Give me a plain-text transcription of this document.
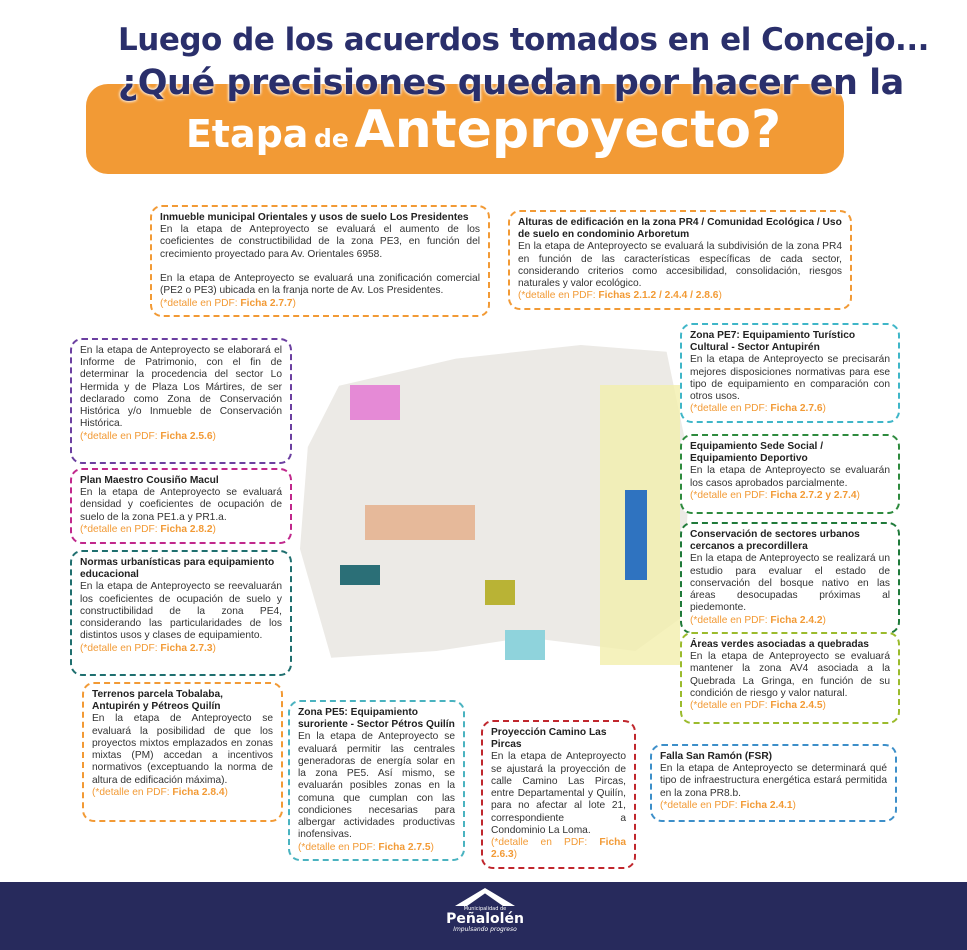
Luego de los acuerdos tomados en el Concejo...
¿Qué precisiones quedan por hacer en la
Etapa de Anteproyecto?
Inmueble municipal Orientales y usos de suelo Los Presidentes
En la etapa de Anteproyecto se evaluará el aumento de los coeficientes de constructibilidad de la zona PE3, en función del crecimiento proyectado para Av. Orientales 6958.

En la etapa de Anteproyecto se evaluará una zonificación comercial (PE2 o PE3) ubicada en la franja norte de Av. Los Presidentes.
(*detalle en PDF: Ficha 2.7.7)
Alturas de edificación en la zona PR4 / Comunidad Ecológica / Uso de suelo en condominio Arboretum
En la etapa de Anteproyecto se evaluará la subdivisión de la zona PR4 en función de las características específicas de cada sector, considerando criterios como accesibilidad, consolidación, riesgos naturales y valor ecológico.
(*detalle en PDF: Fichas 2.1.2 / 2.4.4 / 2.8.6)
En la etapa de Anteproyecto se elaborará el Informe de Patrimonio, con el fin de determinar la procedencia del sector Lo Hermida y de Plaza Los Mártires, de ser declarado como Zona de Conservación Histórica y/o Inmueble de Conservación Histórica.
(*detalle en PDF: Ficha 2.5.6)
Zona PE7: Equipamiento Turístico Cultural - Sector Antupirén
En la etapa de Anteproyecto se precisarán mejores disposiciones normativas para ese tipo de equipamiento en comparación con otros usos.
(*detalle en PDF: Ficha 2.7.6)
Equipamiento Sede Social / Equipamiento Deportivo
En la etapa de Anteproyecto se evaluarán los casos aprobados parcialmente.
(*detalle en PDF: Ficha 2.7.2 y 2.7.4)
Plan Maestro Cousiño Macul
En la etapa de Anteproyecto se evaluará densidad y coeficientes de ocupación de suelo de la zona PE1.a y PR1.a.
(*detalle en PDF: Ficha 2.8.2)	Conservación de sectores urbanos cercanos a precordillera
En la etapa de Anteproyecto se realizará un estudio para evaluar el estado de conservación del bosque nativo en las áreas desocupadas próximas al piedemonte.
(*detalle en PDF: Ficha 2.4.2)
Normas urbanísticas para equipamiento educacional
En la etapa de Anteproyecto se reevaluarán los coeficientes de ocupación de suelo y constructibilidad de la zona PE4, considerando las particularidades de los distintos usos y clases de equipamiento.
(*detalle en PDF: Ficha 2.7.3)	Áreas verdes asociadas a quebradas
En la etapa de Anteproyecto se evaluará mantener la zona AV4 asociada a la Quebrada La Gringa, en función de su condición de riesgo y valor natural.
(*detalle en PDF: Ficha 2.4.5)
Terrenos parcela Tobalaba, Antupirén y Pétreos Quilín
En la etapa de Anteproyecto se evaluará la posibilidad de que los proyectos mixtos emplazados en zonas mixtas (PM) accedan a incentivos normativos (exceptuando la norma de altura de edificación máxima).
(*detalle en PDF: Ficha 2.8.4)
Zona PE5: Equipamiento suroriente - Sector Pétros Quilín
En la etapa de Anteproyecto se evaluará permitir las centrales generadoras de energía solar en la zona PE5. Así mismo, se evaluarán posibles zonas en la comuna que cumplan con las condiciones necesarias para albergar actividades productivas inofensivas.
(*detalle en PDF: Ficha 2.7.5)
Proyección Camino Las Pircas
En la etapa de Anteproyecto se ajustará la proyección de calle Camino Las Pircas, entre Departamental y Quilín, para no afectar al lote 21, correspondiente a Condominio La Loma.
(*detalle en PDF: Ficha 2.6.3)
Falla San Ramón (FSR)
En la etapa de Anteproyecto se determinará qué tipo de infraestructura energética estará permitida en la zona PR8.b.
(*detalle en PDF: Ficha 2.4.1)
Municipalidad de
Peñalolén
Impulsando progreso
